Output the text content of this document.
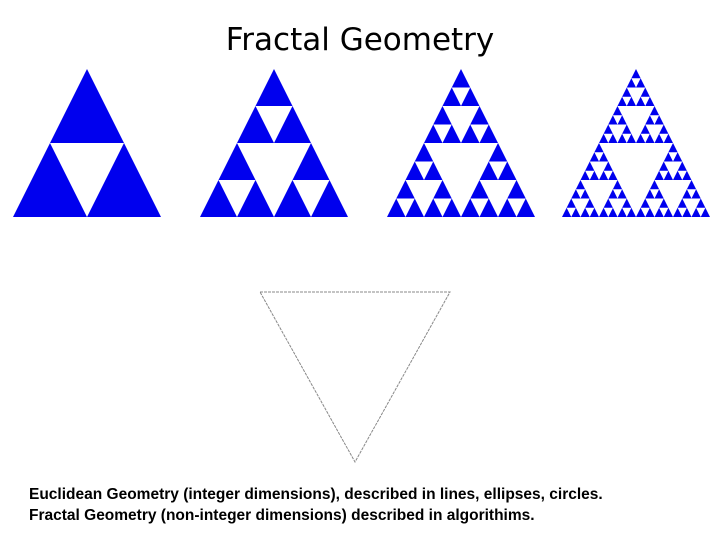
Fractal Geometry
Euclidean Geometry (integer dimensions), described in lines, ellipses, circles.
Fractal Geometry (non-integer dimensions) described in algorithims.
